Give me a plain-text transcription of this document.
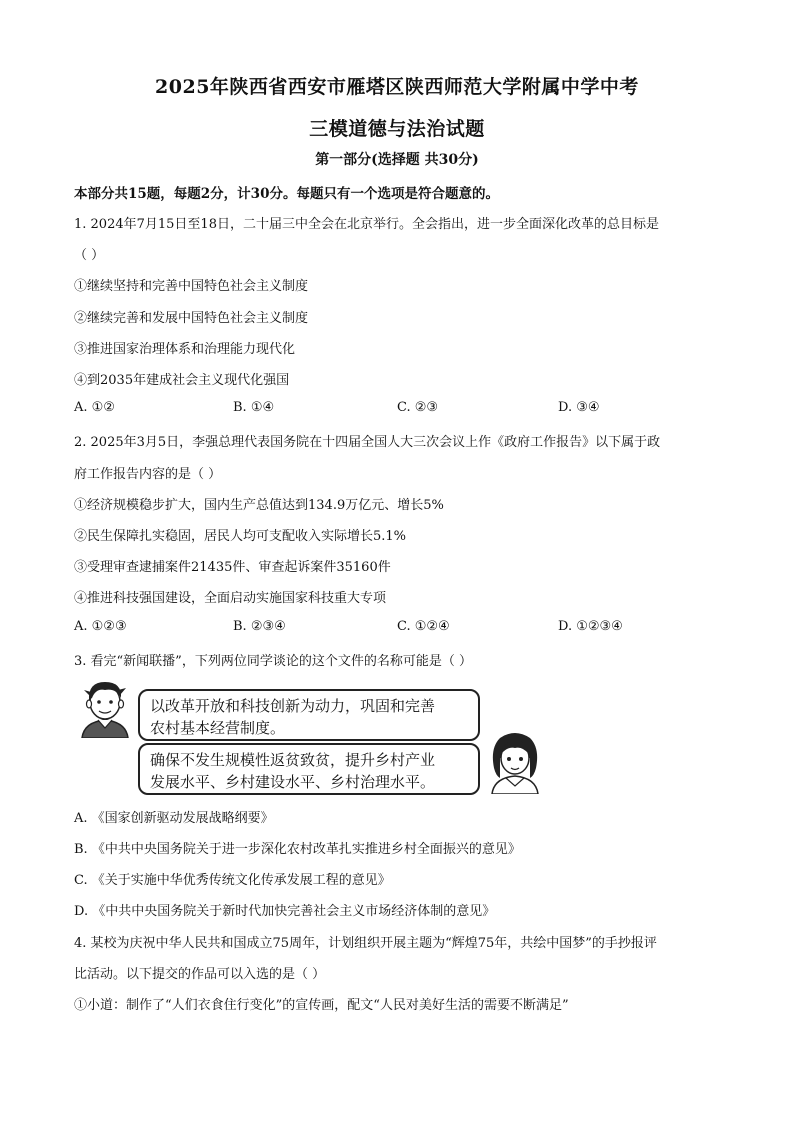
2025年陕西省西安市雁塔区陕西师范大学附属中学中考
三模道德与法治试题
第一部分(选择题 共30分)
本部分共15题，每题2分，计30分。每题只有一个选项是符合题意的。
1. 2024年7月15日至18日，二十届三中全会在北京举行。全会指出，进一步全面深化改革的总目标是
（ ）
①继续坚持和完善中国特色社会主义制度
②继续完善和发展中国特色社会主义制度
③推进国家治理体系和治理能力现代化
④到2035年建成社会主义现代化强国
A. ①②	B. ①④	C. ②③	D. ③④
2. 2025年3月5日，李强总理代表国务院在十四届全国人大三次会议上作《政府工作报告》以下属于政
府工作报告内容的是（ ）
①经济规模稳步扩大，国内生产总值达到134.9万亿元、增长5%
②民生保障扎实稳固，居民人均可支配收入实际增长5.1%
③受理审查逮捕案件21435件、审查起诉案件35160件
④推进科技强国建设，全面启动实施国家科技重大专项
A. ①②③	B. ②③④	C. ①②④	D. ①②③④
3. 看完“新闻联播”，下列两位同学谈论的这个文件的名称可能是（ ）
以改革开放和科技创新为动力，巩固和完善
农村基本经营制度。
确保不发生规模性返贫致贫，提升乡村产业
发展水平、乡村建设水平、乡村治理水平。
A. 《国家创新驱动发展战略纲要》
B. 《中共中央国务院关于进一步深化农村改革扎实推进乡村全面振兴的意见》
C. 《关于实施中华优秀传统文化传承发展工程的意见》
D. 《中共中央国务院关于新时代加快完善社会主义市场经济体制的意见》
4. 某校为庆祝中华人民共和国成立75周年，计划组织开展主题为“辉煌75年，共绘中国梦”的手抄报评
比活动。以下提交的作品可以入选的是（ ）
①小道：制作了“人们衣食住行变化”的宣传画，配文“人民对美好生活的需要不断满足”
